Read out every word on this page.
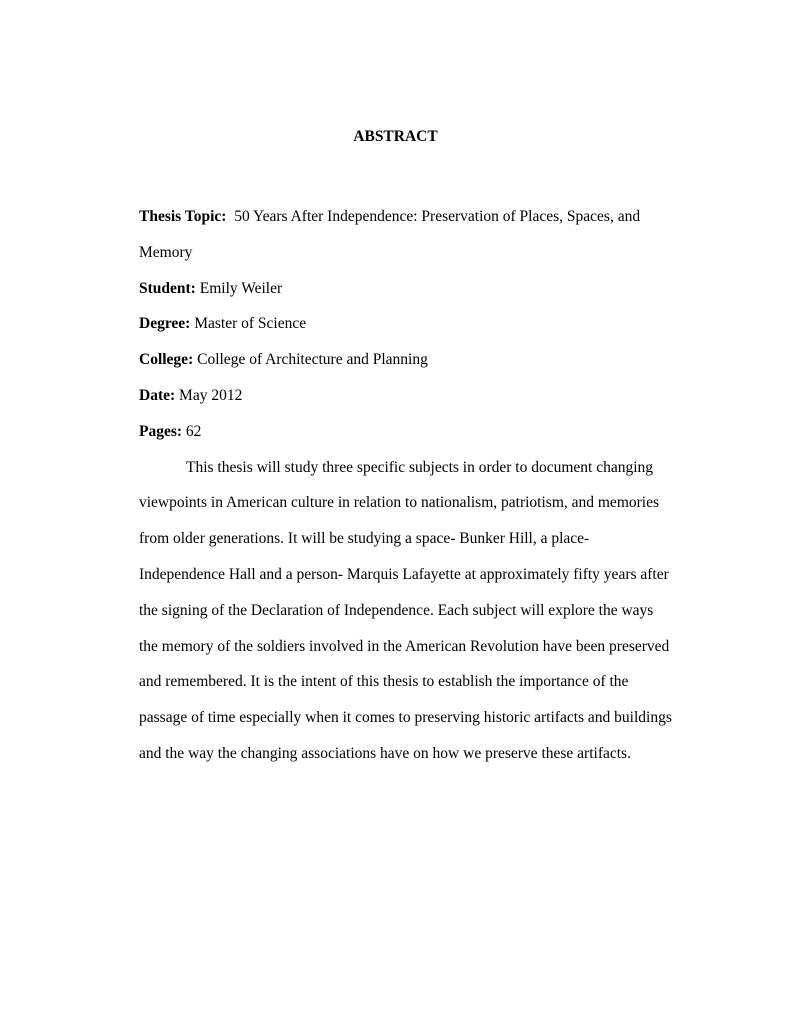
ABSTRACT
Thesis Topic: 50 Years After Independence: Preservation of Places, Spaces, and
Memory
Student: Emily Weiler
Degree: Master of Science
College: College of Architecture and Planning
Date: May 2012
Pages: 62
This thesis will study three specific subjects in order to document changing
viewpoints in American culture in relation to nationalism, patriotism, and memories
from older generations. It will be studying a space- Bunker Hill, a place-
Independence Hall and a person- Marquis Lafayette at approximately fifty years after
the signing of the Declaration of Independence. Each subject will explore the ways
the memory of the soldiers involved in the American Revolution have been preserved
and remembered. It is the intent of this thesis to establish the importance of the
passage of time especially when it comes to preserving historic artifacts and buildings
and the way the changing associations have on how we preserve these artifacts.
